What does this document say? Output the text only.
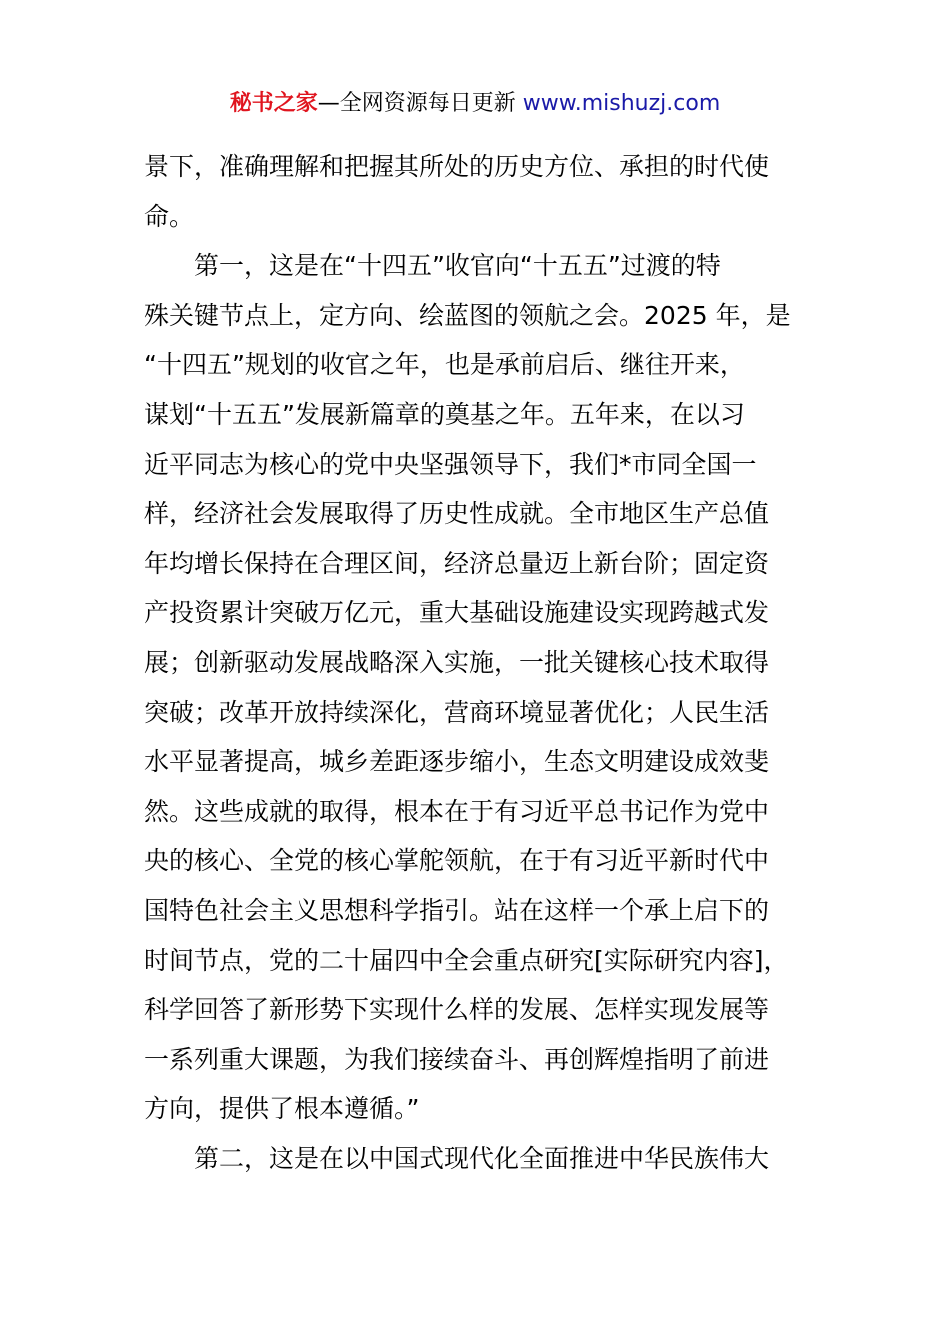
秘书之家—全网资源每日更新 www.mishuzj.com
景下，准确理解和把握其所处的历史方位、承担的时代使
命。
　　第一，这是在“十四五”收官向“十五五”过渡的特
殊关键节点上，定方向、绘蓝图的领航之会。2025 年，是
“十四五”规划的收官之年，也是承前启后、继往开来，
谋划“十五五”发展新篇章的奠基之年。五年来，在以习
近平同志为核心的党中央坚强领导下，我们*市同全国一
样，经济社会发展取得了历史性成就。全市地区生产总值
年均增长保持在合理区间，经济总量迈上新台阶；固定资
产投资累计突破万亿元，重大基础设施建设实现跨越式发
展；创新驱动发展战略深入实施，一批关键核心技术取得
突破；改革开放持续深化，营商环境显著优化；人民生活
水平显著提高，城乡差距逐步缩小，生态文明建设成效斐
然。这些成就的取得，根本在于有习近平总书记作为党中
央的核心、全党的核心掌舵领航，在于有习近平新时代中
国特色社会主义思想科学指引。站在这样一个承上启下的
时间节点，党的二十届四中全会重点研究[实际研究内容]，
科学回答了新形势下实现什么样的发展、怎样实现发展等
一系列重大课题，为我们接续奋斗、再创辉煌指明了前进
方向，提供了根本遵循。”
　　第二，这是在以中国式现代化全面推进中华民族伟大
